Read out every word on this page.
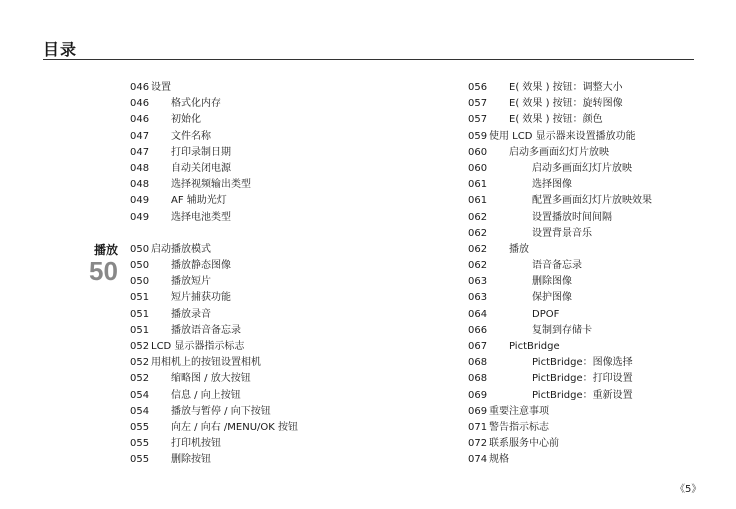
目录
播放
50
046 设置
046 格式化内存
046 初始化
047 文件名称
047 打印录制日期
048 自动关闭电源
048 选择视频输出类型
049 AF 辅助光灯
049 选择电池类型
050 启动播放模式
050 播放静态图像
050 播放短片
051 短片捕获功能
051 播放录音
051 播放语音备忘录
052 LCD 显示器指示标志
052 用相机上的按钮设置相机
052 缩略图 / 放大按钮
054 信息 / 向上按钮
054 播放与暂停 / 向下按钮
055 向左 / 向右 /MENU/OK 按钮
055 打印机按钮
055 删除按钮
056 E( 效果 ) 按钮：调整大小
057 E( 效果 ) 按钮：旋转图像
057 E( 效果 ) 按钮：颜色
059 使用 LCD 显示器来设置播放功能
060 启动多画面幻灯片放映
060	启动多画面幻灯片放映
061	选择图像
061	配置多画面幻灯片放映效果
062	设置播放时间间隔
062	设置背景音乐
062 播放
062	语音备忘录
063	删除图像
063	保护图像
064	DPOF
066	复制到存储卡
067 PictBridge
068	PictBridge：图像选择
068	PictBridge：打印设置
069	PictBridge：重新设置
069 重要注意事项
071 警告指示标志
072 联系服务中心前
074 规格
《5》
